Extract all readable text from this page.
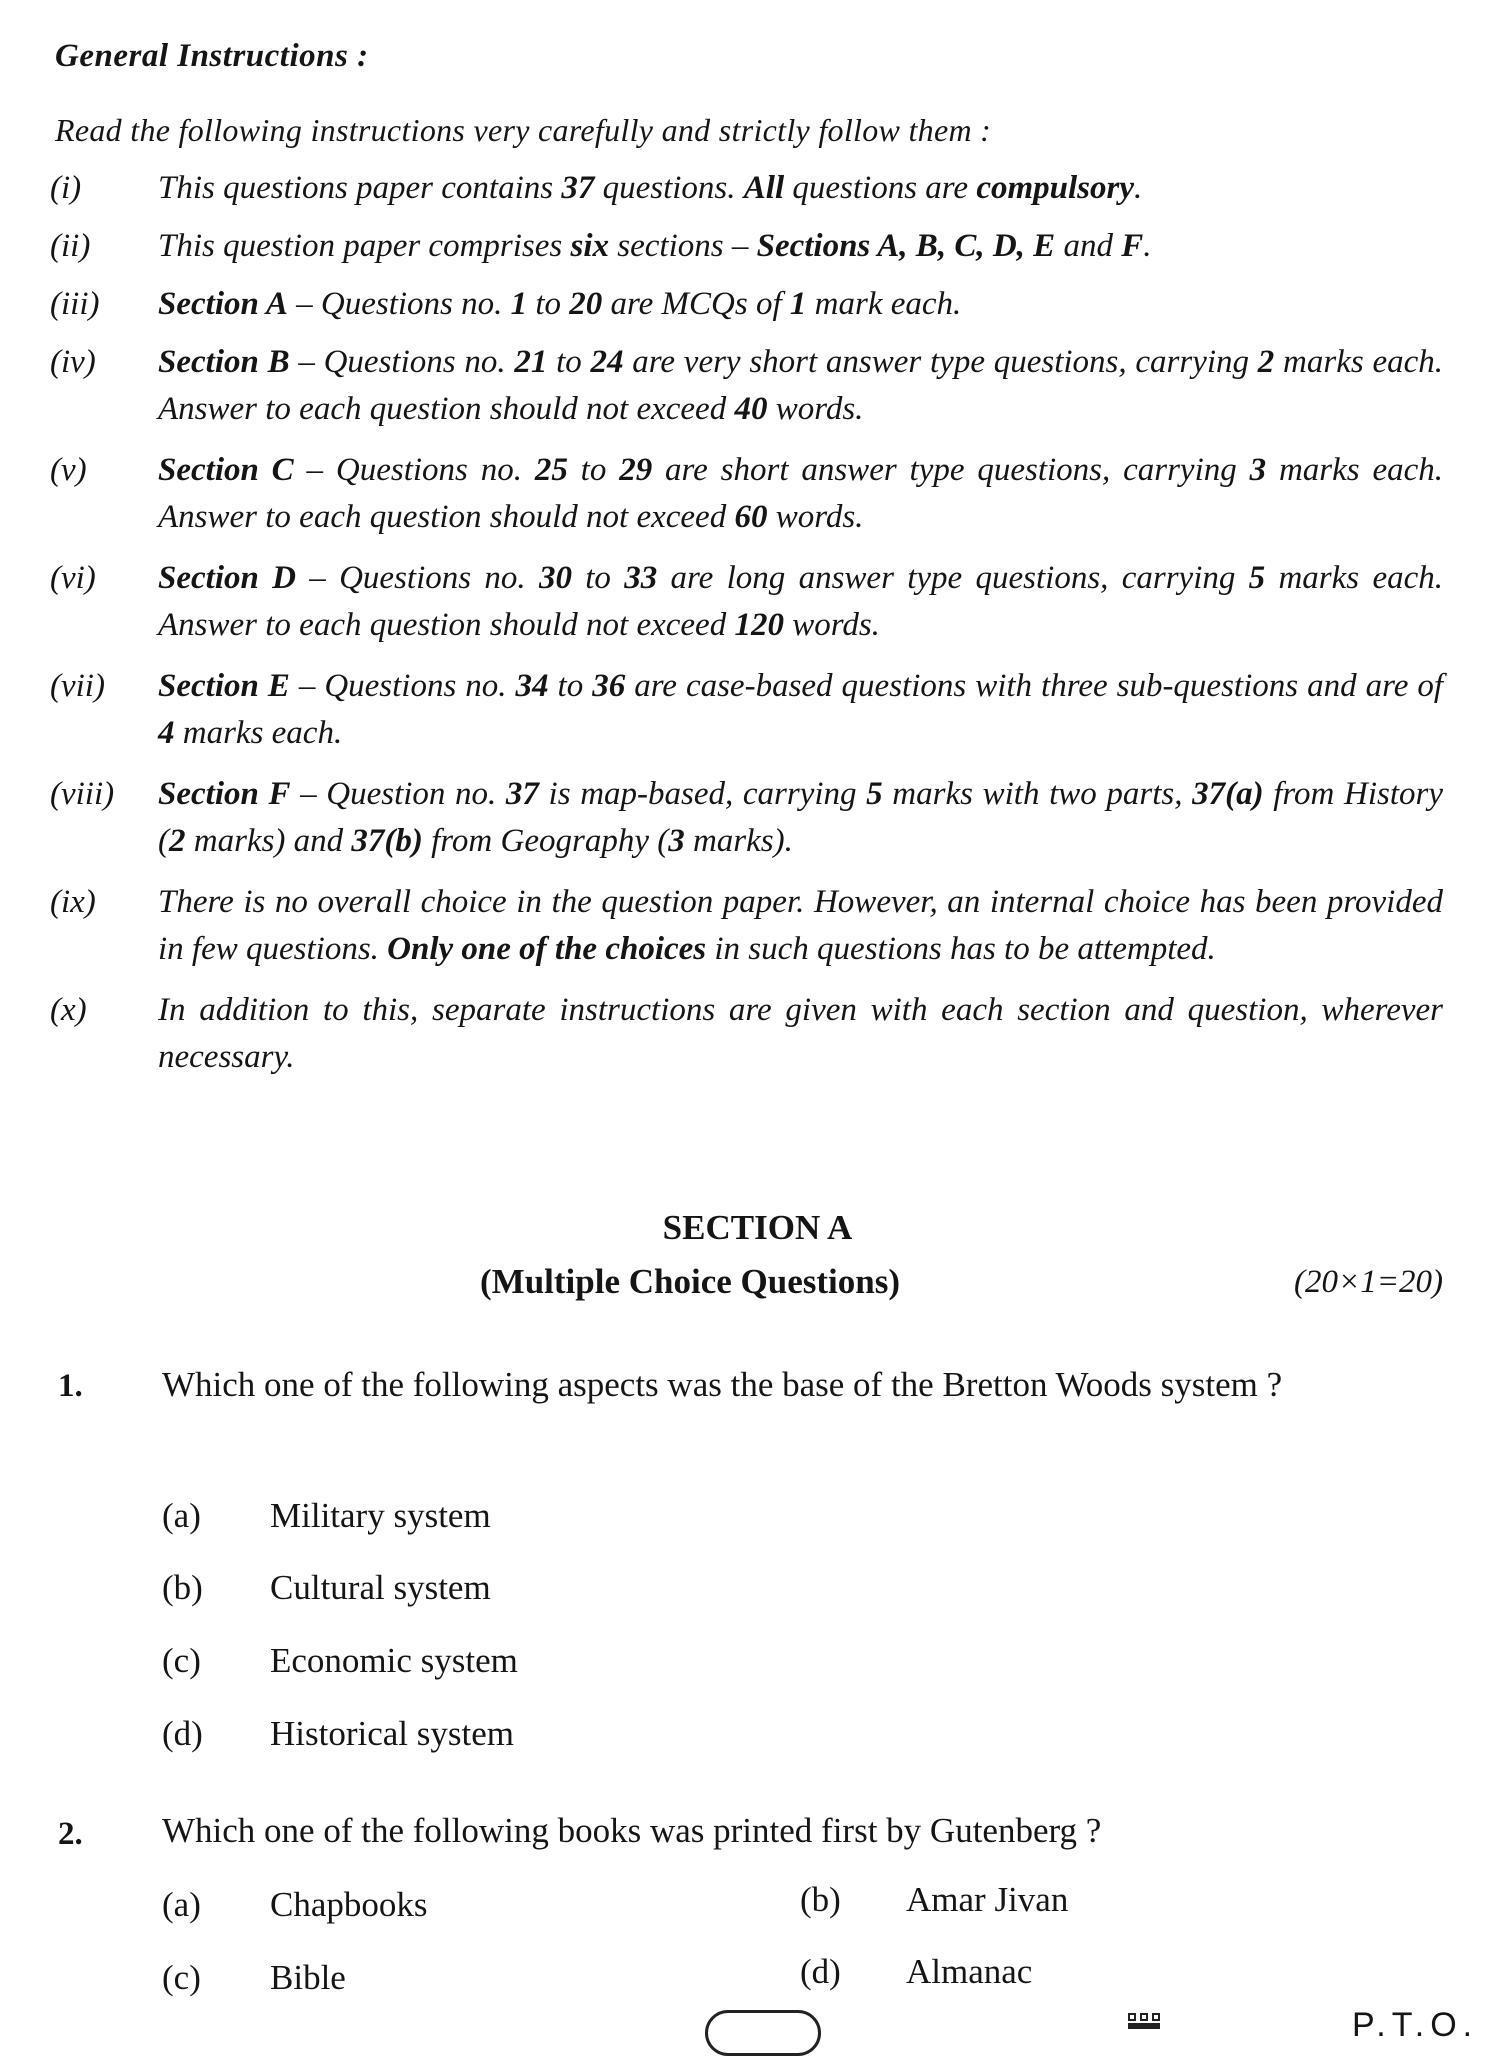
General Instructions :
Read the following instructions very carefully and strictly follow them :
(i)	This questions paper contains 37 questions. All questions are compulsory.
(ii)	This question paper comprises six sections – Sections A, B, C, D, E and F.
(iii)	Section A – Questions no. 1 to 20 are MCQs of 1 mark each.
(iv)	Section B – Questions no. 21 to 24 are very short answer type questions, carrying 2 marks each. Answer to each question should not exceed 40 words.
(v)	Section C – Questions no. 25 to 29 are short answer type questions, carrying 3 marks each. Answer to each question should not exceed 60 words.
(vi)	Section D – Questions no. 30 to 33 are long answer type questions, carrying 5 marks each. Answer to each question should not exceed 120 words.
(vii)	Section E – Questions no. 34 to 36 are case-based questions with three sub-questions and are of 4 marks each.
(viii)	Section F – Question no. 37 is map-based, carrying 5 marks with two parts, 37(a) from History (2 marks) and 37(b) from Geography (3 marks).
(ix)	There is no overall choice in the question paper. However, an internal choice has been provided in few questions. Only one of the choices in such questions has to be attempted.
(x)	In addition to this, separate instructions are given with each section and question, wherever necessary.
SECTION A
(Multiple Choice Questions)	(20×1=20)
1. Which one of the following aspects was the base of the Bretton Woods system ?
(a) Military system
(b) Cultural system
(c) Economic system
(d) Historical system
2. Which one of the following books was printed first by Gutenberg ?
(a) Chapbooks	(b) Amar Jivan
(c) Bible	(d) Almanac
P.T.O.
